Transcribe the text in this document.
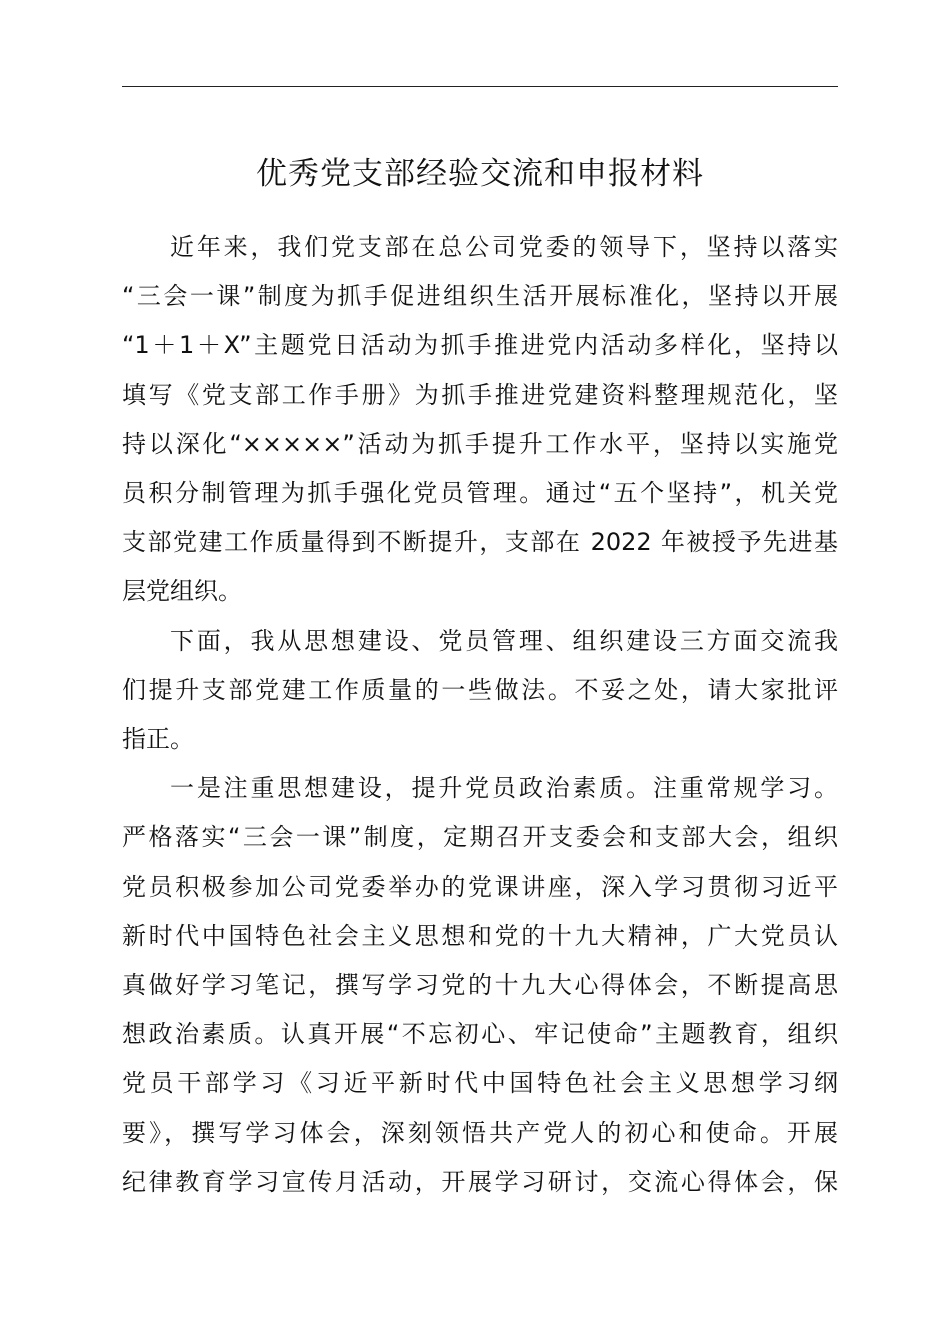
优秀党支部经验交流和申报材料

近年来，我们党支部在总公司党委的领导下，坚持以落实
“三会一课”制度为抓手促进组织生活开展标准化，坚持以开展
“1＋1＋X”主题党日活动为抓手推进党内活动多样化，坚持以
填写《党支部工作手册》为抓手推进党建资料整理规范化，坚
持以深化“×××××”活动为抓手提升工作水平，坚持以实施党
员积分制管理为抓手强化党员管理。通过“五个坚持”，机关党
支部党建工作质量得到不断提升，支部在 2022 年被授予先进基
层党组织。

下面，我从思想建设、党员管理、组织建设三方面交流我
们提升支部党建工作质量的一些做法。不妥之处，请大家批评
指正。

一是注重思想建设，提升党员政治素质。注重常规学习。
严格落实“三会一课”制度，定期召开支委会和支部大会，组织
党员积极参加公司党委举办的党课讲座，深入学习贯彻习近平
新时代中国特色社会主义思想和党的十九大精神，广大党员认
真做好学习笔记，撰写学习党的十九大心得体会，不断提高思
想政治素质。认真开展“不忘初心、牢记使命”主题教育，组织
党员干部学习《习近平新时代中国特色社会主义思想学习纲
要》，撰写学习体会，深刻领悟共产党人的初心和使命。开展
纪律教育学习宣传月活动，开展学习研讨，交流心得体会，保
